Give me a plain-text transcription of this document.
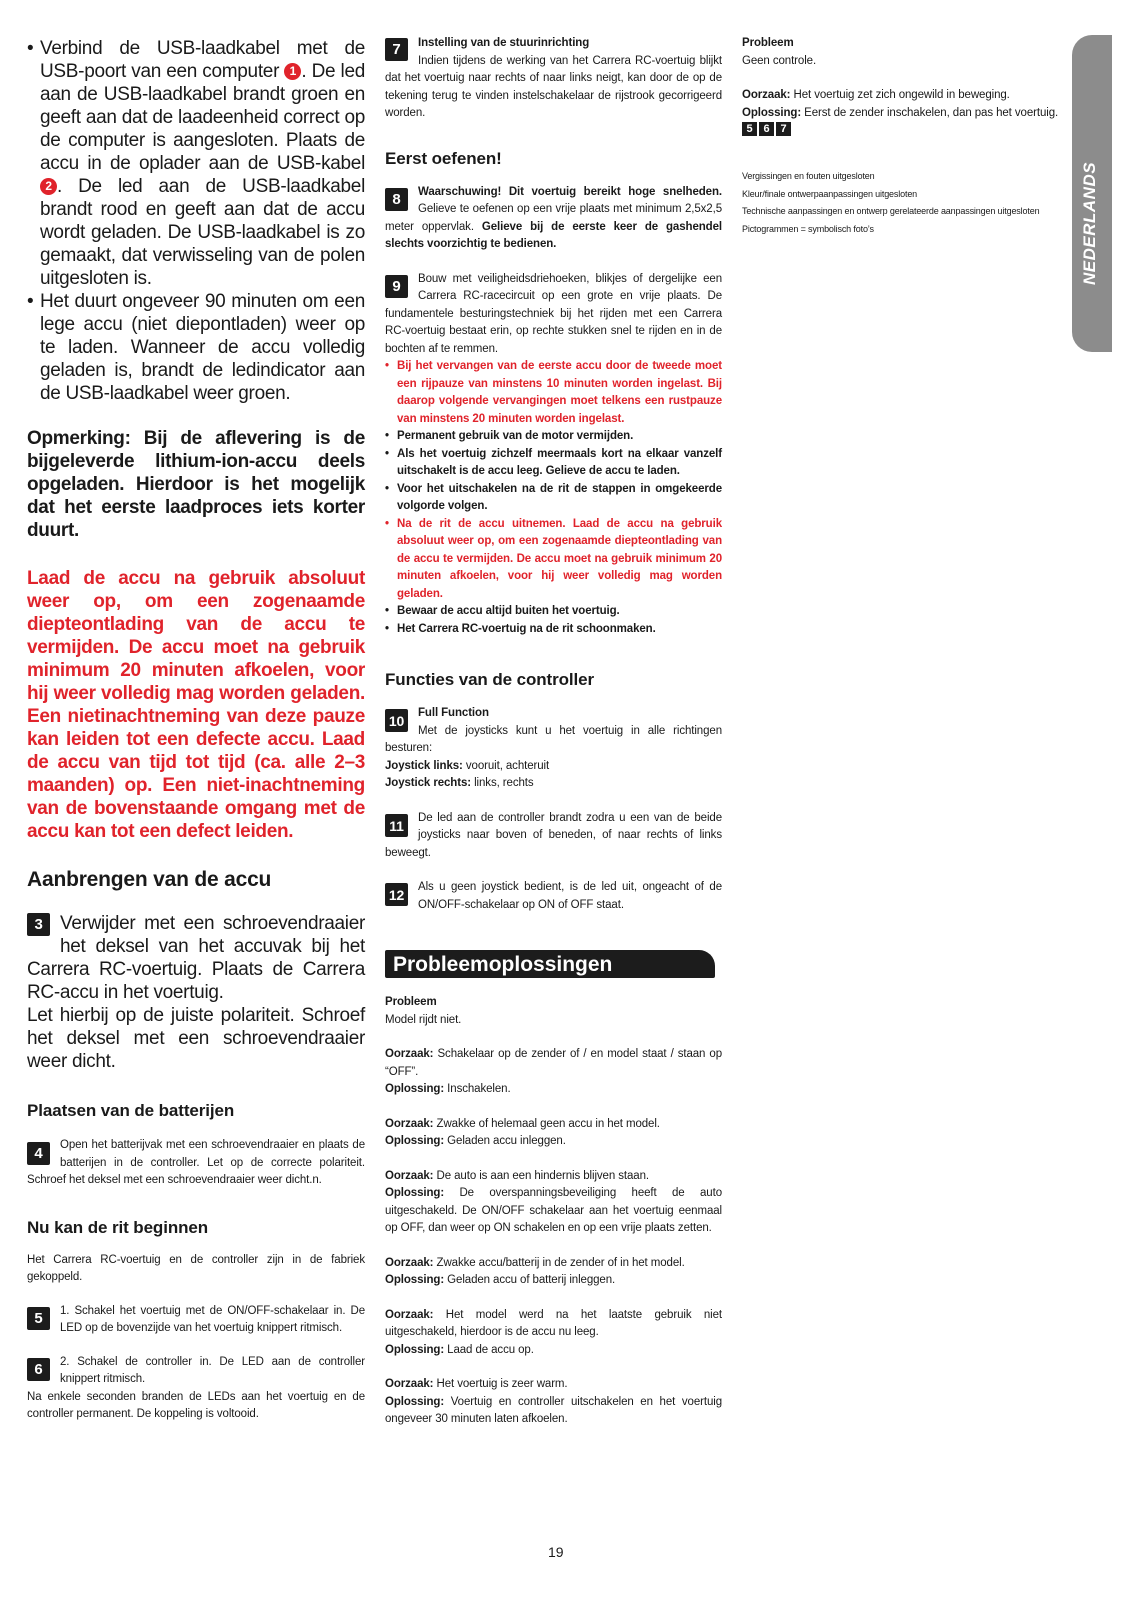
• Verbind de USB-laadkabel met de USB-poort van een computer 1 . De led aan de USB-laadkabel brandt groen en geeft aan dat de laadeenheid correct op de computer is aangesloten. Plaats de accu in de oplader aan de USB-kabel 2 . De led aan de USB-laadkabel brandt rood en geeft aan dat de accu wordt geladen. De USB-laadkabel is zo gemaakt, dat verwisseling van de polen uitgesloten is.

• Het duurt ongeveer 90 minuten om een lege accu (niet diepontladen) weer op te laden. Wanneer de accu volledig geladen is, brandt de ledindicator aan de USB-laadkabel weer groen.

Opmerking: Bij de aflevering is de bijgeleverde lithium-ion-accu deels opgeladen. Hierdoor is het mogelijk dat het eerste laadproces iets korter duurt.

Laad de accu na gebruik absoluut weer op, om een zogenaamde diepteontlading van de accu te vermijden. De accu moet na gebruik minimum 20 minuten afkoelen, voor hij weer volledig mag worden geladen. Een nietinachtneming van deze pauze kan leiden tot een defecte accu. Laad de accu van tijd tot tijd (ca. alle 2–3 maanden) op. Een niet-inachtneming van de bovenstaande omgang met de accu kan tot een defect leiden.

Aanbrengen van de accu

3 Verwijder met een schroevendraaier het deksel van het accuvak bij het Carrera RC-voertuig. Plaats de Carrera RC-accu in het voertuig.
Let hierbij op de juiste polariteit. Schroef het deksel met een schroevendraaier weer dicht.

Plaatsen van de batterijen

4	Open het batterijvak met een schroevendraaier en plaats de batterijen in de controller. Let op de correcte polariteit. Schroef het deksel met een schroevendraaier weer dicht.n.

Nu kan de rit beginnen

Het Carrera RC-voertuig en de controller zijn in de fabriek gekoppeld.

5	1. Schakel het voertuig met de ON/OFF-schakelaar in. De LED op de bovenzijde van het voertuig knippert ritmisch.
6	2. Schakel de controller in. De LED aan de controller knippert ritmisch.

Na enkele seconden branden de LEDs aan het voertuig en de controller permanent. De koppeling is voltooid.

7	Instelling van de stuurinrichting
Indien tijdens de werking van het Carrera RC-voertuig blijkt dat het voertuig naar rechts of naar links neigt, kan door de op de tekening terug te vinden instelschakelaar de rijstrook gecorrigeerd worden.

Eerst oefenen!

8	Waarschuwing! Dit voertuig bereikt hoge snelheden. Gelieve te oefenen op een vrije plaats met minimum 2,5x2,5 meter oppervlak. Gelieve bij de eerste keer de gashendel slechts voorzichtig te bedienen.
9	Bouw met veiligheidsdriehoeken, blikjes of dergelijke een Carrera RC-racecircuit op een grote en vrije plaats. De fundamentele besturingstechniek bij het rijden met een Carrera RC-voertuig bestaat erin, op rechte stukken snel te rijden en in de bochten af te remmen.

• Bij het vervangen van de eerste accu door de tweede moet een rijpauze van minstens 10 minuten worden ingelast. Bij daarop volgende vervangingen moet telkens een rustpauze van minstens 20 minuten worden ingelast.

• Permanent gebruik van de motor vermijden.

• Als het voertuig zichzelf meermaals kort na elkaar vanzelf uitschakelt is de accu leeg. Gelieve de accu te laden.

• Voor het uitschakelen na de rit de stappen in omgekeerde volgorde volgen.

• Na de rit de accu uitnemen. Laad de accu na gebruik absoluut weer op, om een zogenaamde diepteontlading van de accu te vermijden. De accu moet na gebruik minimum 20 minuten afkoelen, voor hij weer volledig mag worden geladen.

• Bewaar de accu altijd buiten het voertuig.

• Het Carrera RC-voertuig na de rit schoonmaken.

Functies van de controller

10	Full Function
Met de joysticks kunt u het voertuig in alle richtingen besturen:

Joystick links: vooruit, achteruit

Joystick rechts: links, rechts

11	De led aan de controller brandt zodra u een van de beide joysticks naar boven of beneden, of naar rechts of links beweegt.
12	Als u geen joystick bedient, is de led uit, ongeacht of de ON/OFF-schakelaar op ON of OFF staat.
Probleemoplossingen

Probleem

Model rijdt niet.

Oorzaak: Schakelaar op de zender of / en model staat / staan op “OFF”.

Oplossing: Inschakelen.

Oorzaak: Zwakke of helemaal geen accu in het model.

Oplossing: Geladen accu inleggen.

Oorzaak: De auto is aan een hindernis blijven staan.

Oplossing: De overspanningsbeveiliging heeft de auto uitgeschakeld. De ON/OFF schakelaar aan het voertuig eenmaal op OFF, dan weer op ON schakelen en op een vrije plaats zetten.

Oorzaak: Zwakke accu/batterij in de zender of in het model.

Oplossing: Geladen accu of batterij inleggen.

Oorzaak: Het model werd na het laatste gebruik niet uitgeschakeld, hierdoor is de accu nu leeg.

Oplossing: Laad de accu op.

Oorzaak: Het voertuig is zeer warm.

Oplossing: Voertuig en controller uitschakelen en het voertuig ongeveer 30 minuten laten afkoelen.

Probleem

Geen controle.

Oorzaak: Het voertuig zet zich ongewild in beweging.

Oplossing: Eerst de zender inschakelen, dan pas het voertuig.

5 6 7

Vergissingen en fouten uitgesloten

Kleur/finale ontwerpaanpassingen uitgesloten

Technische aanpassingen en ontwerp gerelateerde aanpassingen uitgesloten

Pictogrammen = symbolisch foto’s	NEDERLANDS
19
